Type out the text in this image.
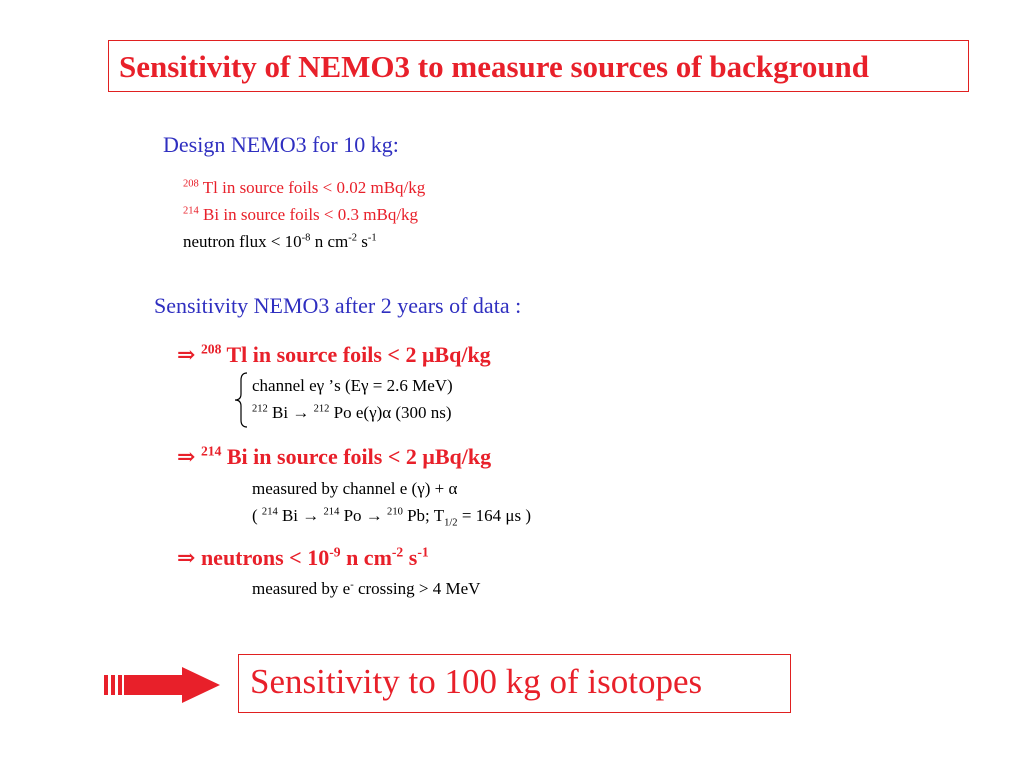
Sensitivity of NEMO3 to measure sources of background
Design NEMO3 for 10 kg:
$^{208}$ Tl in source foils < 0.02 mBq/kg
$^{214}$ Bi in source foils < 0.3 mBq/kg
neutron flux < $10^{-8}$ n $cm^{-2}$ $s^{-1}$
Sensitivity NEMO3 after 2 years of data :
⇒ $^{208}$ Tl in source foils < 2 μBq/kg
channel eγ ’s (Eγ = 2.6 MeV)
$^{212}$ Bi → $^{212}$ Po e(γ)α (300 ns)
⇒ $^{214}$ Bi in source foils < 2 μBq/kg
measured by channel e (γ) + α
( $^{214}$ Bi → $^{214}$ Po → $^{210}$ Pb; $T_{1/2} = 164$ μs )
⇒ neutrons < $10^{-9}$ n $cm^{-2}$ $s^{-1}$
measured by e- crossing > 4 MeV
Sensitivity to 100 kg of isotopes
